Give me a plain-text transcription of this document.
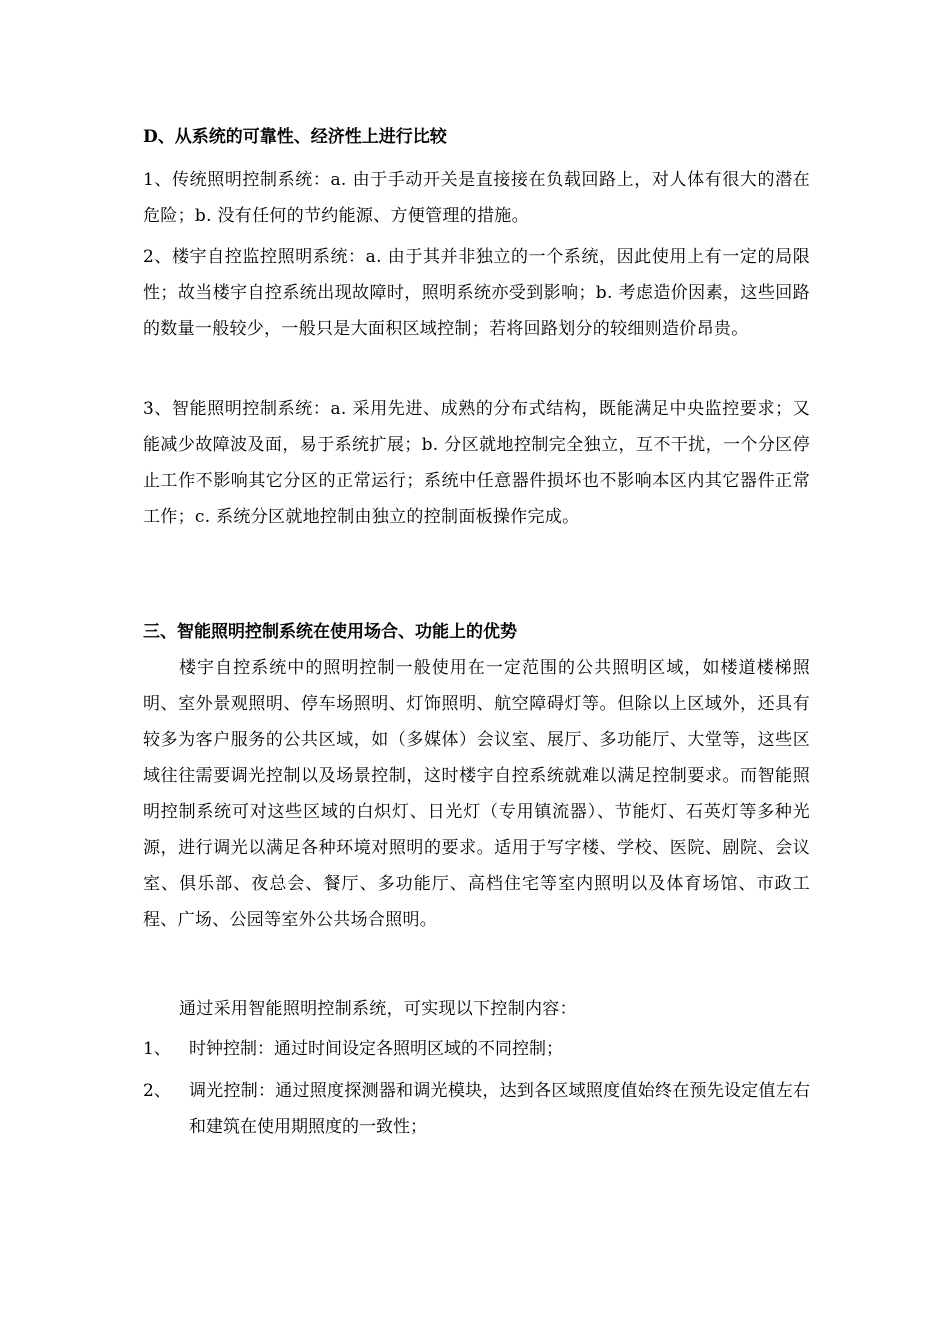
D、从系统的可靠性、经济性上进行比较
1、传统照明控制系统：a. 由于手动开关是直接接在负载回路上，对人体有很大的潜在危险；b. 没有任何的节约能源、方便管理的措施。
2、楼宇自控监控照明系统：a. 由于其并非独立的一个系统，因此使用上有一定的局限性；故当楼宇自控系统出现故障时，照明系统亦受到影响；b. 考虑造价因素，这些回路的数量一般较少，一般只是大面积区域控制；若将回路划分的较细则造价昂贵。
3、智能照明控制系统：a. 采用先进、成熟的分布式结构，既能满足中央监控要求；又能减少故障波及面，易于系统扩展；b. 分区就地控制完全独立，互不干扰，一个分区停止工作不影响其它分区的正常运行；系统中任意器件损坏也不影响本区内其它器件正常工作；c. 系统分区就地控制由独立的控制面板操作完成。
三、智能照明控制系统在使用场合、功能上的优势
楼宇自控系统中的照明控制一般使用在一定范围的公共照明区域，如楼道楼梯照明、室外景观照明、停车场照明、灯饰照明、航空障碍灯等。但除以上区域外，还具有较多为客户服务的公共区域，如（多媒体）会议室、展厅、多功能厅、大堂等，这些区域往往需要调光控制以及场景控制，这时楼宇自控系统就难以满足控制要求。而智能照明控制系统可对这些区域的白炽灯、日光灯（专用镇流器）、节能灯、石英灯等多种光源，进行调光以满足各种环境对照明的要求。适用于写字楼、学校、医院、剧院、会议室、俱乐部、夜总会、餐厅、多功能厅、高档住宅等室内照明以及体育场馆、市政工程、广场、公园等室外公共场合照明。
通过采用智能照明控制系统，可实现以下控制内容：
1、	时钟控制：通过时间设定各照明区域的不同控制；
2、	调光控制：通过照度探测器和调光模块，达到各区域照度值始终在预先设定值左右和建筑在使用期照度的一致性；
